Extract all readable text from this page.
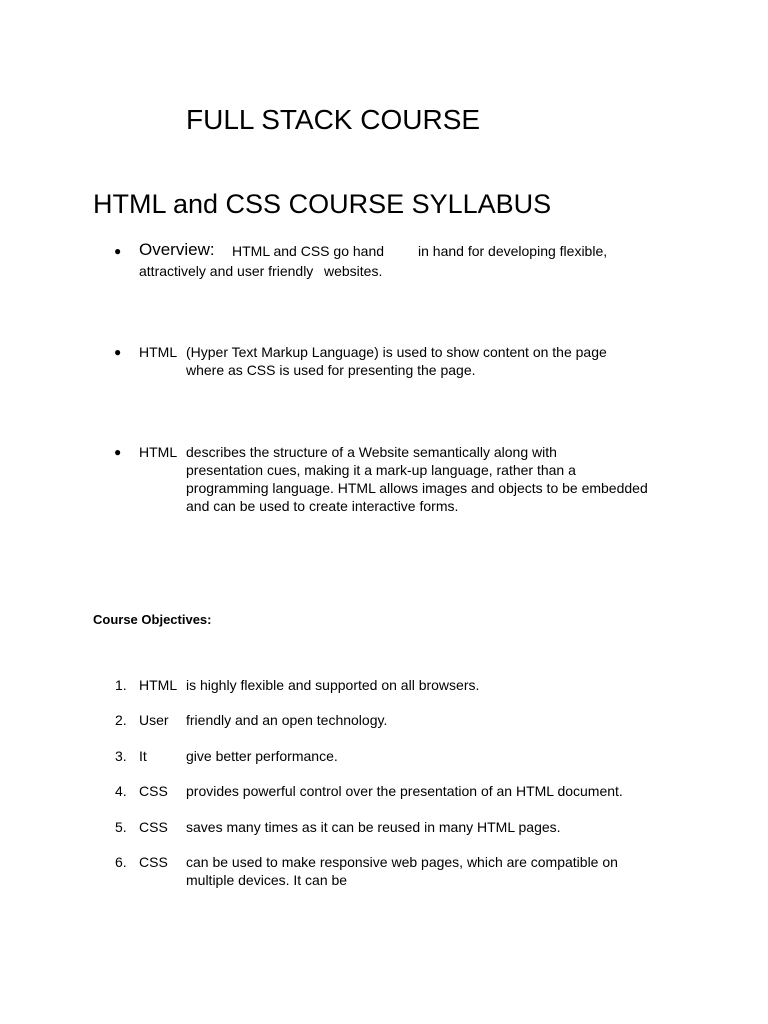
FULL STACK COURSE
HTML and CSS COURSE SYLLABUS
● Overview: HTML and CSS go hand in hand for developing flexible,
attractively and user friendly websites.
● HTML (Hyper Text Markup Language) is used to show content on the page
where as CSS is used for presenting the page.
● HTML describes the structure of a Website semantically along with
presentation cues, making it a mark-up language, rather than a
programming language. HTML allows images and objects to be embedded
and can be used to create interactive forms.
Course Objectives:
1. HTML is highly flexible and supported on all browsers.
2. User friendly and an open technology.
3. It	give better performance.
4. CSS provides powerful control over the presentation of an HTML document.
5. CSS saves many times as it can be reused in many HTML pages.
6. CSS can be used to make responsive web pages, which are compatible on
multiple devices. It can be
